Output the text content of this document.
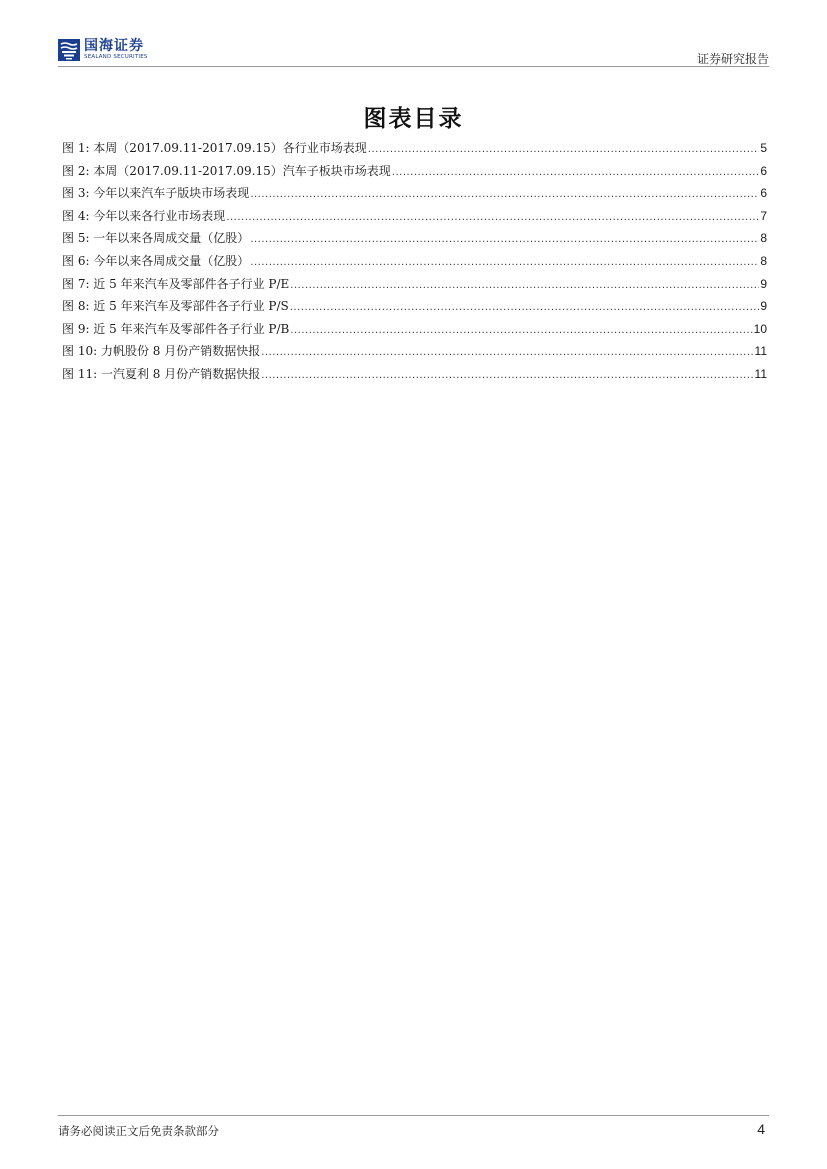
国海证券
SEALAND SECURITIES	证券研究报告
图表目录
图 1: 本周（2017.09.11-2017.09.15）各行业市场表现 .....	5
图 2: 本周（2017.09.11-2017.09.15）汽车子板块市场表现 .....	6
图 3: 今年以来汽车子版块市场表现 .....	6
图 4: 今年以来各行业市场表现 .....	7
图 5: 一年以来各周成交量（亿股） .....	8
图 6: 今年以来各周成交量（亿股） .....	8
图 7: 近 5 年来汽车及零部件各子行业 P/E .....	9
图 8: 近 5 年来汽车及零部件各子行业 P/S .....	9
图 9: 近 5 年来汽车及零部件各子行业 P/B .....	10
图 10: 力帆股份 8 月份产销数据快报 .....	11
图 11: 一汽夏利 8 月份产销数据快报 .....	11
请务必阅读正文后免责条款部分	4
